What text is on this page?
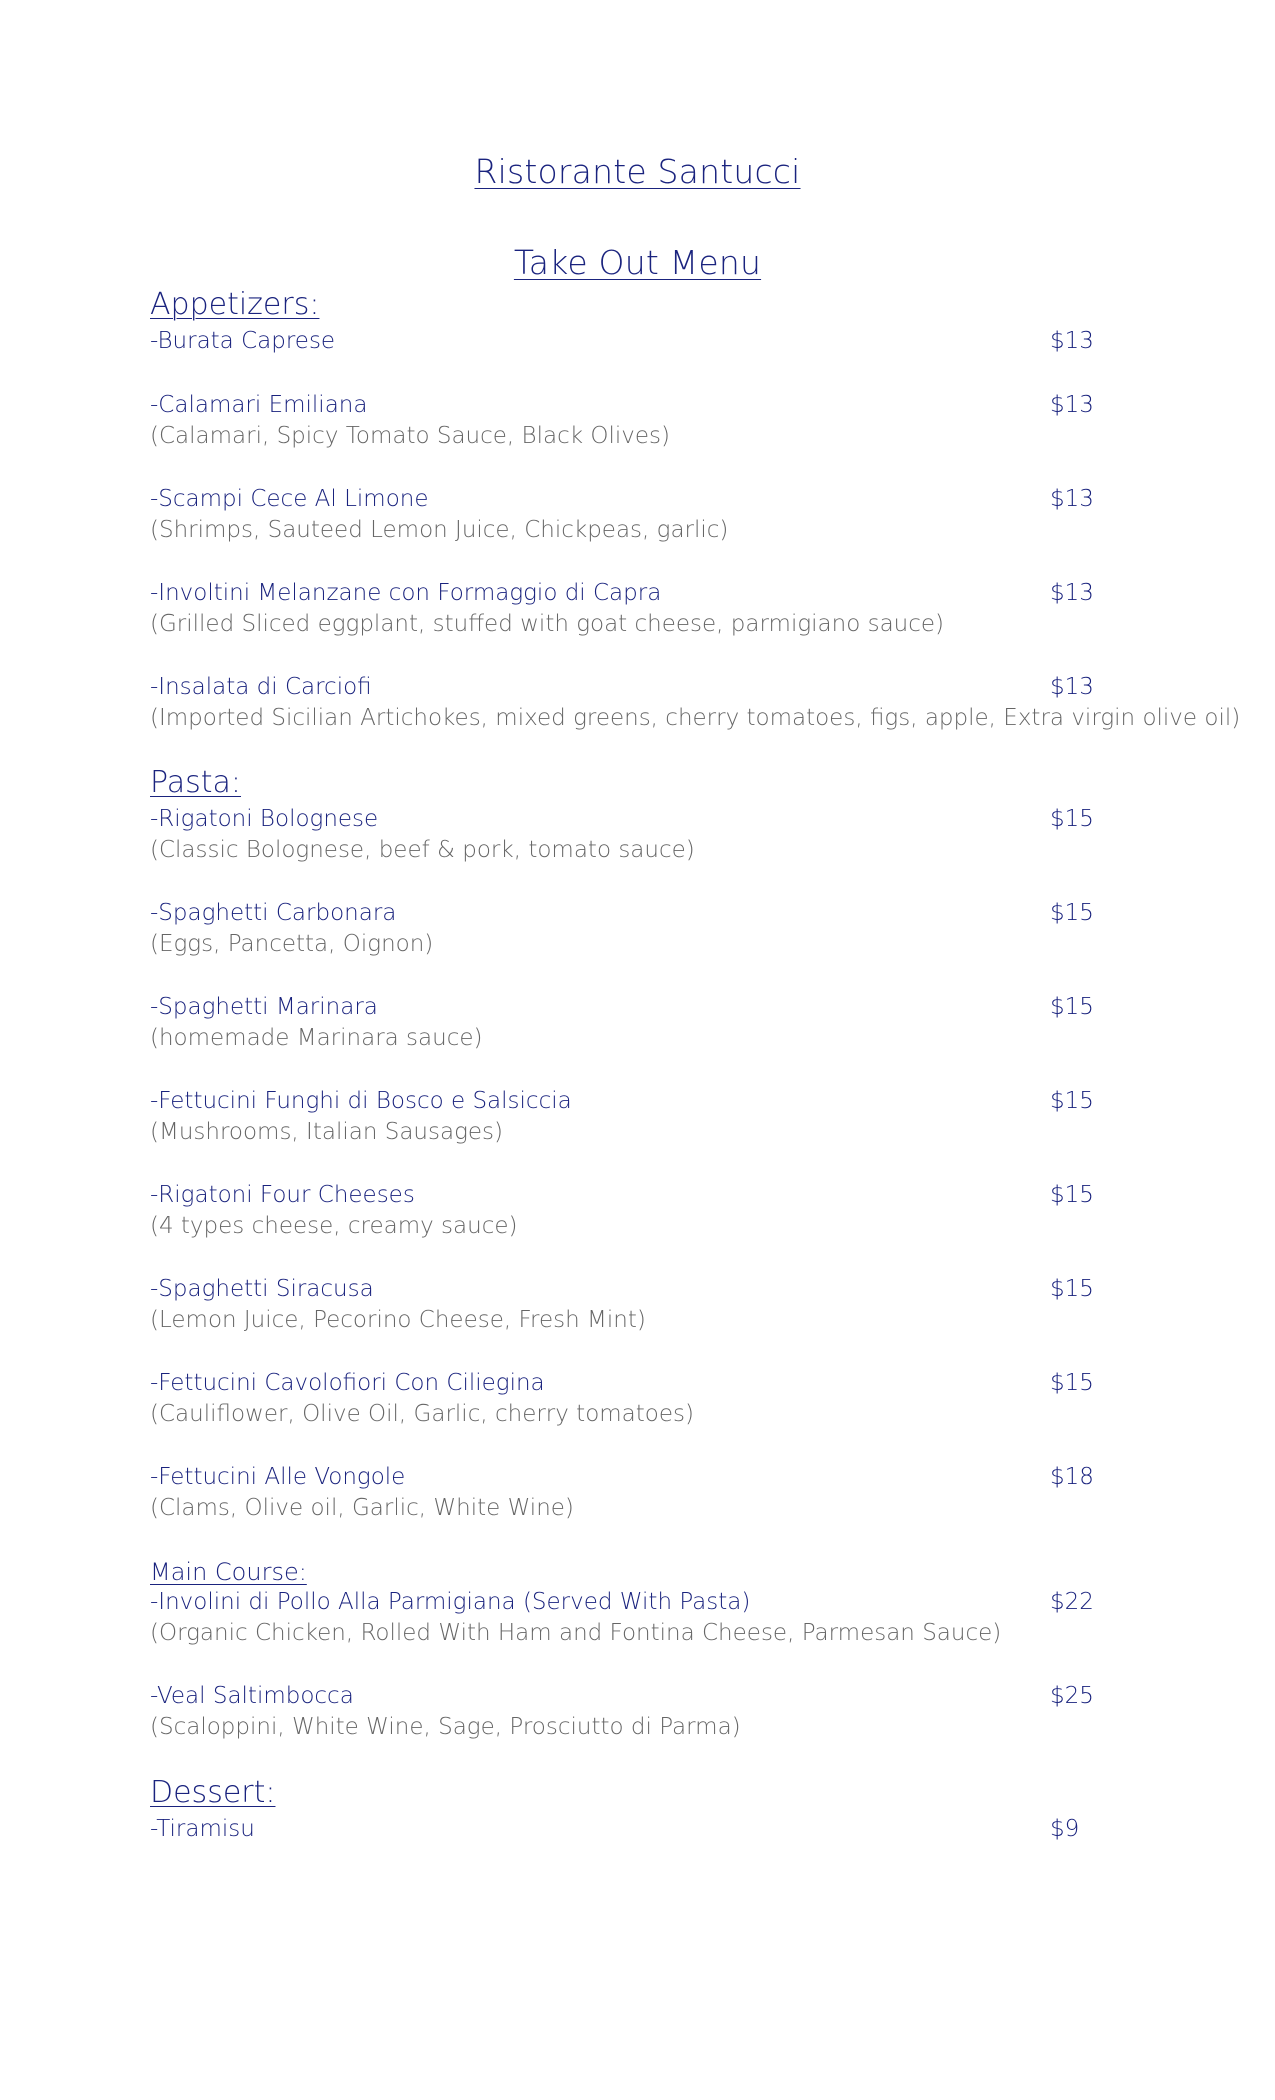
Ristorante Santucci
Take Out Menu
Appetizers:
-Burata Caprese	$13
-Calamari Emiliana	$13
(Calamari, Spicy Tomato Sauce, Black Olives)
-Scampi Cece Al Limone	$13
(Shrimps, Sauteed Lemon Juice, Chickpeas, garlic)
-Involtini Melanzane con Formaggio di Capra	$13
(Grilled Sliced eggplant, stuffed with goat cheese, parmigiano sauce)
-Insalata di Carciofi	$13
(Imported Sicilian Artichokes, mixed greens, cherry tomatoes, figs, apple, Extra virgin olive oil)
Pasta:
-Rigatoni Bolognese	$15
(Classic Bolognese, beef & pork, tomato sauce)
-Spaghetti Carbonara	$15
(Eggs, Pancetta, Oignon)
-Spaghetti Marinara	$15
(homemade Marinara sauce)
-Fettucini Funghi di Bosco e Salsiccia	$15
(Mushrooms, Italian Sausages)
-Rigatoni Four Cheeses	$15
(4 types cheese, creamy sauce)
-Spaghetti Siracusa	$15
(Lemon Juice, Pecorino Cheese, Fresh Mint)
-Fettucini Cavolofiori Con Ciliegina	$15
(Cauliflower, Olive Oil, Garlic, cherry tomatoes)
-Fettucini Alle Vongole	$18
(Clams, Olive oil, Garlic, White Wine)
Main Course:
-Involini di Pollo Alla Parmigiana (Served With Pasta)	$22
(Organic Chicken, Rolled With Ham and Fontina Cheese, Parmesan Sauce)
-Veal Saltimbocca	$25
(Scaloppini, White Wine, Sage, Prosciutto di Parma)
Dessert:
-Tiramisu	$9
